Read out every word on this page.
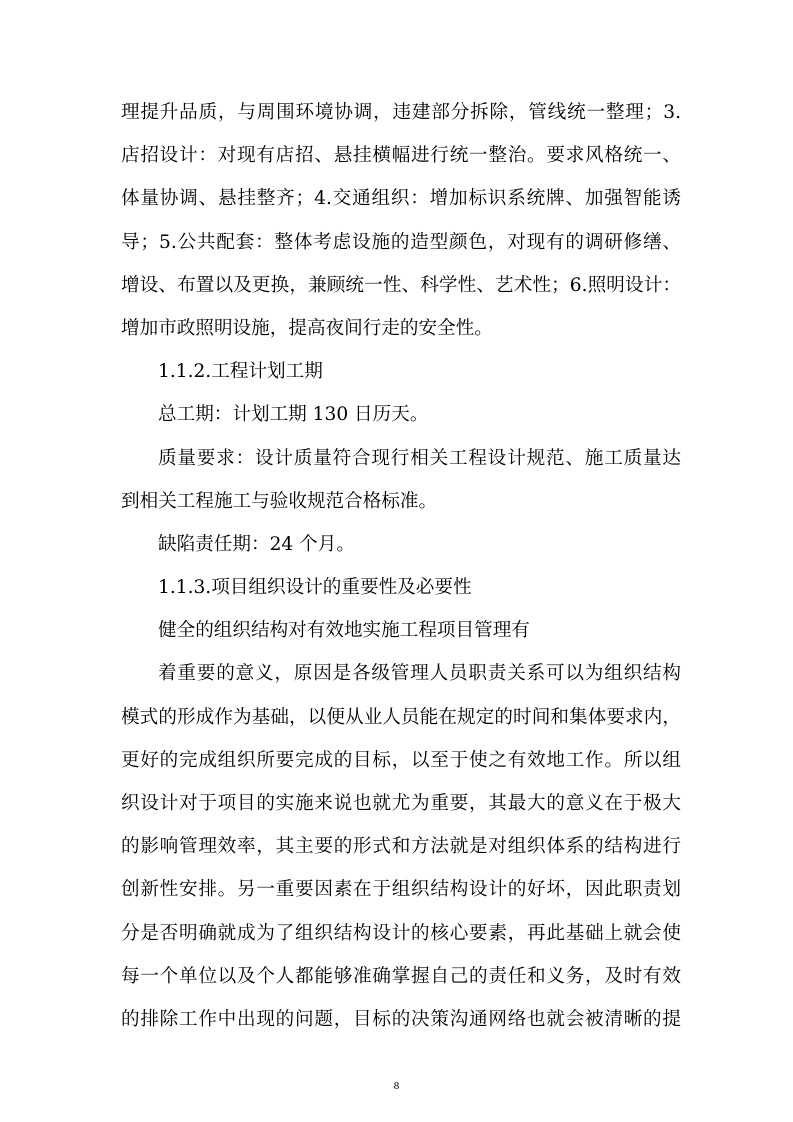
理提升品质，与周围环境协调，违建部分拆除，管线统一整理；3.
店招设计：对现有店招、悬挂横幅进行统一整治。要求风格统一、
体量协调、悬挂整齐；4.交通组织：增加标识系统牌、加强智能诱
导；5.公共配套：整体考虑设施的造型颜色，对现有的调研修缮、
增设、布置以及更换，兼顾统一性、科学性、艺术性；6.照明设计：
增加市政照明设施，提高夜间行走的安全性。
1.1.2.工程计划工期
总工期：计划工期 130 日历天。
质量要求：设计质量符合现行相关工程设计规范、施工质量达
到相关工程施工与验收规范合格标准。
缺陷责任期：24 个月。
1.1.3.项目组织设计的重要性及必要性
健全的组织结构对有效地实施工程项目管理有
着重要的意义，原因是各级管理人员职责关系可以为组织结构
模式的形成作为基础，以便从业人员能在规定的时间和集体要求内，
更好的完成组织所要完成的目标，以至于使之有效地工作。所以组
织设计对于项目的实施来说也就尤为重要，其最大的意义在于极大
的影响管理效率，其主要的形式和方法就是对组织体系的结构进行
创新性安排。另一重要因素在于组织结构设计的好坏，因此职责划
分是否明确就成为了组织结构设计的核心要素，再此基础上就会使
每一个单位以及个人都能够准确掌握自己的责任和义务，及时有效
的排除工作中出现的问题，目标的决策沟通网络也就会被清晰的提
8
